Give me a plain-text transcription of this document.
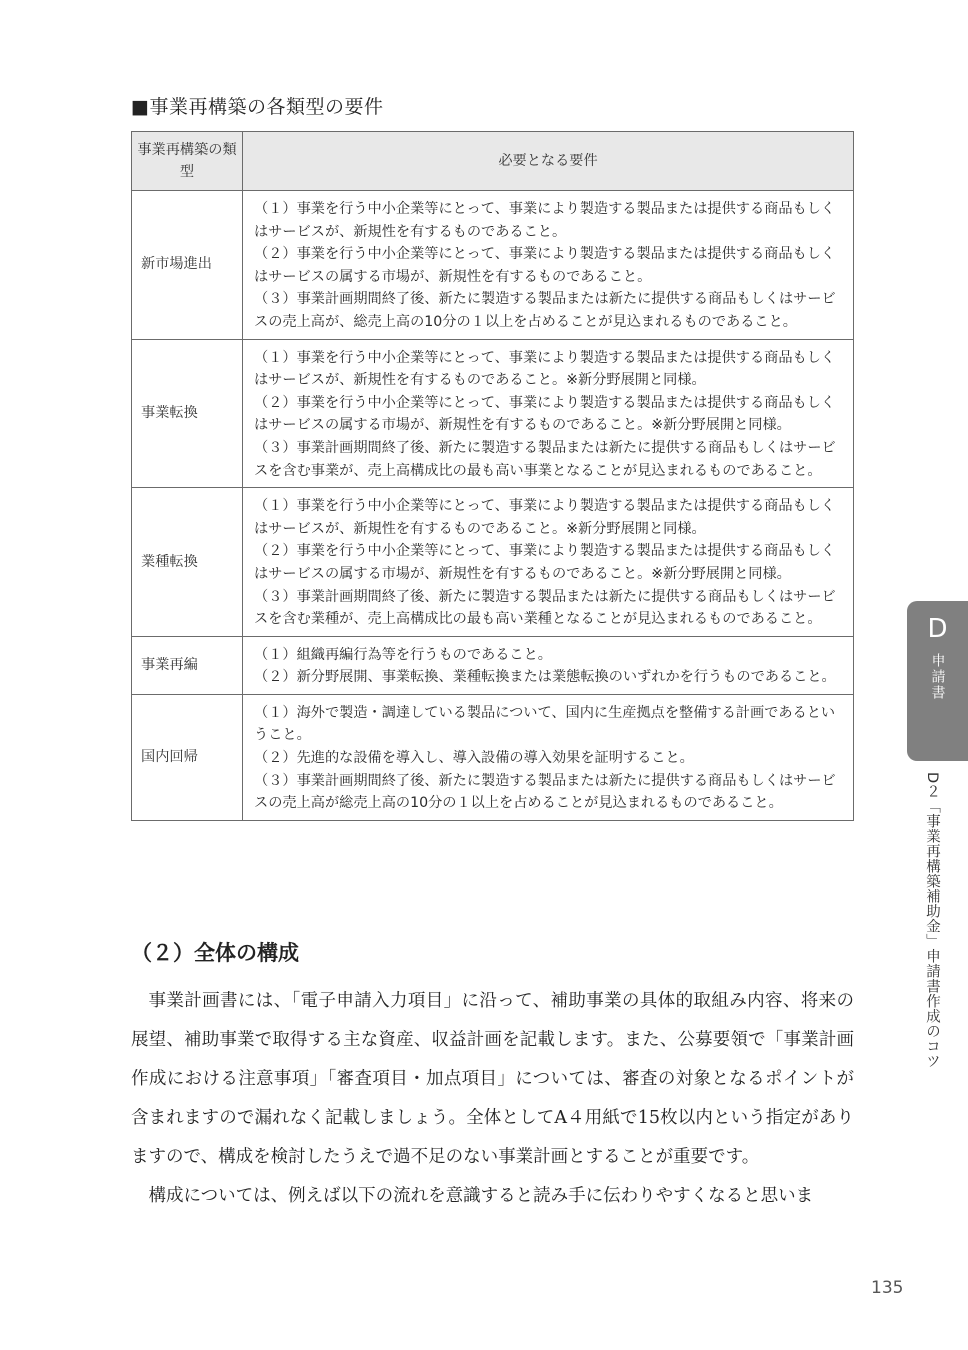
■事業再構築の各類型の要件
事業再構築の類型	必要となる要件
新市場進出	（１）事業を行う中小企業等にとって、事業により製造する製品または提供する商品もしくはサービスが、新規性を有するものであること。
（２）事業を行う中小企業等にとって、事業により製造する製品または提供する商品もしくはサービスの属する市場が、新規性を有するものであること。
（３）事業計画期間終了後、新たに製造する製品または新たに提供する商品もしくはサービスの売上高が、総売上高の10分の１以上を占めることが見込まれるものであること。

事業転換	（１）事業を行う中小企業等にとって、事業により製造する製品または提供する商品もしくはサービスが、新規性を有するものであること。※新分野展開と同様。
（２）事業を行う中小企業等にとって、事業により製造する製品または提供する商品もしくはサービスの属する市場が、新規性を有するものであること。※新分野展開と同様。
（３）事業計画期間終了後、新たに製造する製品または新たに提供する商品もしくはサービスを含む事業が、売上高構成比の最も高い事業となることが見込まれるものであること。

業種転換	（１）事業を行う中小企業等にとって、事業により製造する製品または提供する商品もしくはサービスが、新規性を有するものであること。※新分野展開と同様。
（２）事業を行う中小企業等にとって、事業により製造する製品または提供する商品もしくはサービスの属する市場が、新規性を有するものであること。※新分野展開と同様。
（３）事業計画期間終了後、新たに製造する製品または新たに提供する商品もしくはサービスを含む業種が、売上高構成比の最も高い業種となることが見込まれるものであること。

事業再編	（１）組織再編行為等を行うものであること。
（２）新分野展開、事業転換、業種転換または業態転換のいずれかを行うものであること。

国内回帰	（１）海外で製造・調達している製品について、国内に生産拠点を整備する計画であるということ。
（２）先進的な設備を導入し、導入設備の導入効果を証明すること。
（３）事業計画期間終了後、新たに製造する製品または新たに提供する商品もしくはサービスの売上高が総売上高の10分の１以上を占めることが見込まれるものであること。
（２）全体の構成

事業計画書には、「電子申請入力項目」に沿って、補助事業の具体的取組み内容、将来の展望、補助事業で取得する主な資産、収益計画を記載します。また、公募要領で「事業計画作成における注意事項」「審査項目・加点項目」については、審査の対象となるポイントが含まれますので漏れなく記載しましょう。全体としてA４用紙で15枚以内という指定がありますので、構成を検討したうえで過不足のない事業計画とすることが重要です。

構成については、例えば以下の流れを意識すると読み手に伝わりやすくなると思いま

D
申請書
D２「事業再構築補助金」申請書作成のコツ
135
